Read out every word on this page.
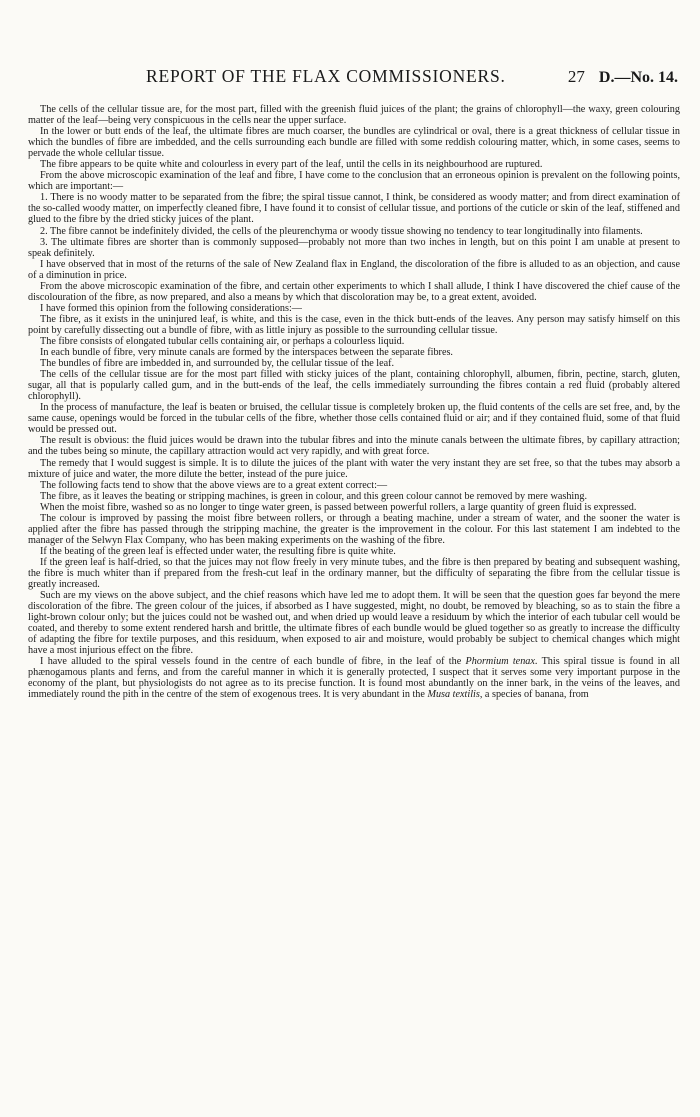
REPORT OF THE FLAX COMMISSIONERS.	27 D.—No. 14.

The cells of the cellular tissue are, for the most part, filled with the greenish fluid juices of the plant; the grains of chlorophyll—the waxy, green colouring matter of the leaf—being very conspicuous in the cells near the upper surface.

In the lower or butt ends of the leaf, the ultimate fibres are much coarser, the bundles are cylindrical or oval, there is a great thickness of cellular tissue in which the bundles of fibre are imbedded, and the cells surrounding each bundle are filled with some reddish colouring matter, which, in some cases, seems to pervade the whole cellular tissue.

The fibre appears to be quite white and colourless in every part of the leaf, until the cells in its neighbourhood are ruptured.

From the above microscopic examination of the leaf and fibre, I have come to the conclusion that an erroneous opinion is prevalent on the following points, which are important:—

1. There is no woody matter to be separated from the fibre; the spiral tissue cannot, I think, be considered as woody matter; and from direct examination of the so-called woody matter, on imperfectly cleaned fibre, I have found it to consist of cellular tissue, and portions of the cuticle or skin of the leaf, stiffened and glued to the fibre by the dried sticky juices of the plant.

2. The fibre cannot be indefinitely divided, the cells of the pleurenchyma or woody tissue showing no tendency to tear longitudinally into filaments.

3. The ultimate fibres are shorter than is commonly supposed—probably not more than two inches in length, but on this point I am unable at present to speak definitely.

I have observed that in most of the returns of the sale of New Zealand flax in England, the discoloration of the fibre is alluded to as an objection, and cause of a diminution in price.

From the above microscopic examination of the fibre, and certain other experiments to which I shall allude, I think I have discovered the chief cause of the discolouration of the fibre, as now prepared, and also a means by which that discoloration may be, to a great extent, avoided.

I have formed this opinion from the following considerations:—

The fibre, as it exists in the uninjured leaf, is white, and this is the case, even in the thick butt-ends of the leaves. Any person may satisfy himself on this point by carefully dissecting out a bundle of fibre, with as little injury as possible to the surrounding cellular tissue.

The fibre consists of elongated tubular cells containing air, or perhaps a colourless liquid.

In each bundle of fibre, very minute canals are formed by the interspaces between the separate fibres.

The bundles of fibre are imbedded in, and surrounded by, the cellular tissue of the leaf.

The cells of the cellular tissue are for the most part filled with sticky juices of the plant, containing chlorophyll, albumen, fibrin, pectine, starch, gluten, sugar, all that is popularly called gum, and in the butt-ends of the leaf, the cells immediately surrounding the fibres contain a red fluid (probably altered chlorophyll).

In the process of manufacture, the leaf is beaten or bruised, the cellular tissue is completely broken up, the fluid contents of the cells are set free, and, by the same cause, openings would be forced in the tubular cells of the fibre, whether those cells contained fluid or air; and if they contained fluid, some of that fluid would be pressed out.

The result is obvious: the fluid juices would be drawn into the tubular fibres and into the minute canals between the ultimate fibres, by capillary attraction; and the tubes being so minute, the capillary attraction would act very rapidly, and with great force.

The remedy that I would suggest is simple. It is to dilute the juices of the plant with water the very instant they are set free, so that the tubes may absorb a mixture of juice and water, the more dilute the better, instead of the pure juice.

The following facts tend to show that the above views are to a great extent correct:—

The fibre, as it leaves the beating or stripping machines, is green in colour, and this green colour cannot be removed by mere washing.

When the moist fibre, washed so as no longer to tinge water green, is passed between powerful rollers, a large quantity of green fluid is expressed.

The colour is improved by passing the moist fibre between rollers, or through a beating machine, under a stream of water, and the sooner the water is applied after the fibre has passed through the stripping machine, the greater is the improvement in the colour. For this last statement I am indebted to the manager of the Selwyn Flax Company, who has been making experiments on the washing of the fibre.

If the beating of the green leaf is effected under water, the resulting fibre is quite white.

If the green leaf is half-dried, so that the juices may not flow freely in very minute tubes, and the fibre is then prepared by beating and subsequent washing, the fibre is much whiter than if prepared from the fresh-cut leaf in the ordinary manner, but the difficulty of separating the fibre from the cellular tissue is greatly increased.

Such are my views on the above subject, and the chief reasons which have led me to adopt them. It will be seen that the question goes far beyond the mere discoloration of the fibre. The green colour of the juices, if absorbed as I have suggested, might, no doubt, be removed by bleaching, so as to stain the fibre a light-brown colour only; but the juices could not be washed out, and when dried up would leave a residuum by which the interior of each tubular cell would be coated, and thereby to some extent rendered harsh and brittle, the ultimate fibres of each bundle would be glued together so as greatly to increase the difficulty of adapting the fibre for textile purposes, and this residuum, when exposed to air and moisture, would probably be subject to chemical changes which might have a most injurious effect on the fibre.

I have alluded to the spiral vessels found in the centre of each bundle of fibre, in the leaf of the Phormium tenax. This spiral tissue is found in all phænogamous plants and ferns, and from the careful manner in which it is generally protected, I suspect that it serves some very important purpose in the economy of the plant, but physiologists do not agree as to its precise function. It is found most abundantly on the inner bark, in the veins of the leaves, and immediately round the pith in the centre of the stem of exogenous trees. It is very abundant in the Musa textilis, a species of banana, from
